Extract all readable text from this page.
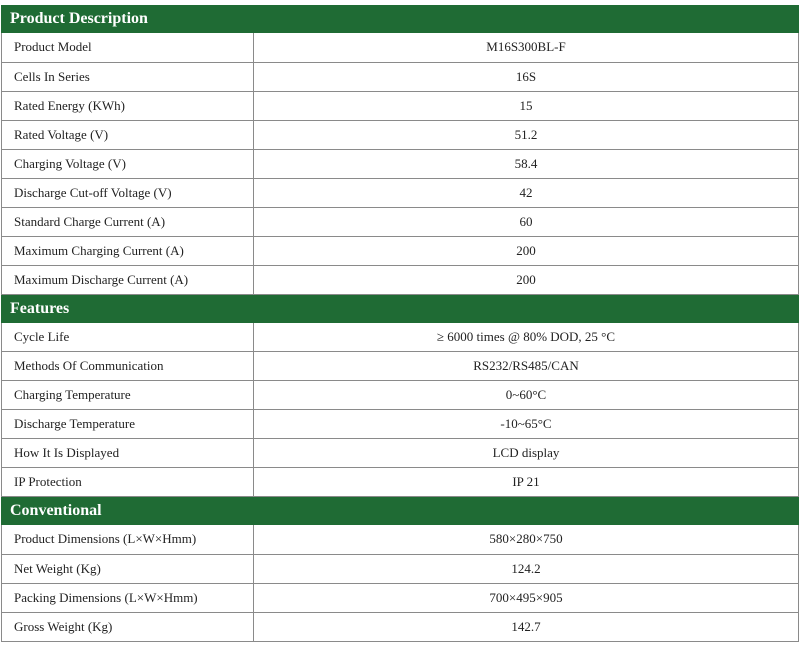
Product Description
Product Model	M16S300BL-F
Cells In Series	16S
Rated Energy (KWh)	15
Rated Voltage (V)	51.2
Charging Voltage (V)	58.4
Discharge Cut-off Voltage (V)	42
Standard Charge Current (A)	60
Maximum Charging Current (A)	200
Maximum Discharge Current (A)	200
Features
Cycle Life	≥ 6000 times @ 80% DOD, 25 °C
Methods Of Communication	RS232/RS485/CAN
Charging Temperature	0~60°C
Discharge Temperature	-10~65°C
How It Is Displayed	LCD display
IP Protection	IP 21
Conventional
Product Dimensions (L×W×Hmm)	580×280×750
Net Weight (Kg)	124.2
Packing Dimensions (L×W×Hmm)	700×495×905
Gross Weight (Kg)	142.7
